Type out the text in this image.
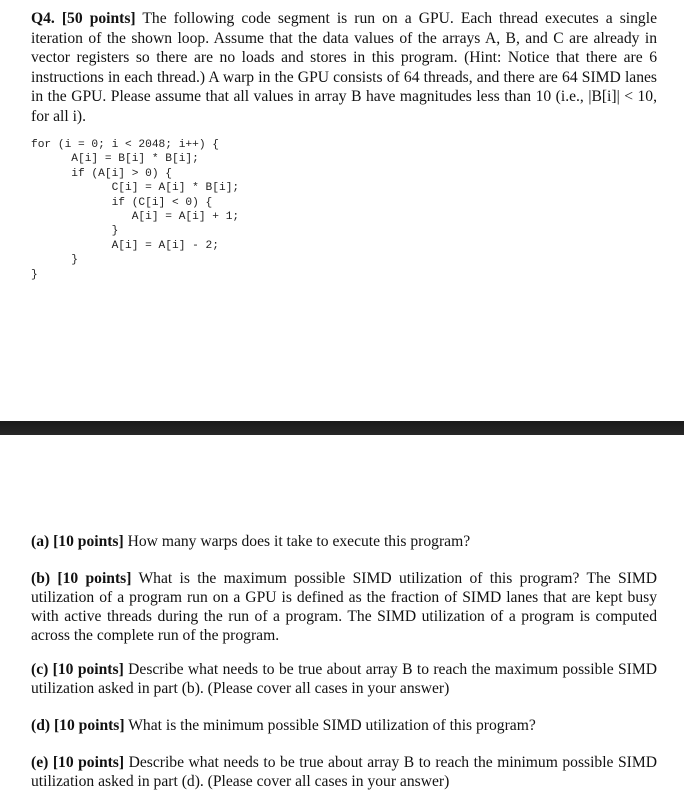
Q4. [50 points] The following code segment is run on a GPU. Each thread executes a single iteration of the shown loop. Assume that the data values of the arrays A, B, and C are already in vector registers so there are no loads and stores in this program. (Hint: Notice that there are 6 instructions in each thread.) A warp in the GPU consists of 64 threads, and there are 64 SIMD lanes in the GPU. Please assume that all values in array B have magnitudes less than 10 (i.e., |B[i]| < 10, for all i).

for (i = 0; i < 2048; i++) {
A[i] = B[i] * B[i];
if (A[i] > 0) {
C[i] = A[i] * B[i];
if (C[i] < 0) {
A[i] = A[i] + 1;
}
A[i] = A[i] - 2;
}
}

(a) [10 points] How many warps does it take to execute this program?

(b) [10 points] What is the maximum possible SIMD utilization of this program? The SIMD utilization of a program run on a GPU is defined as the fraction of SIMD lanes that are kept busy with active threads during the run of a program. The SIMD utilization of a program is computed across the complete run of the program.

(c) [10 points] Describe what needs to be true about array B to reach the maximum possible SIMD utilization asked in part (b). (Please cover all cases in your answer)

(d) [10 points] What is the minimum possible SIMD utilization of this program?

(e) [10 points] Describe what needs to be true about array B to reach the minimum possible SIMD utilization asked in part (d). (Please cover all cases in your answer)
